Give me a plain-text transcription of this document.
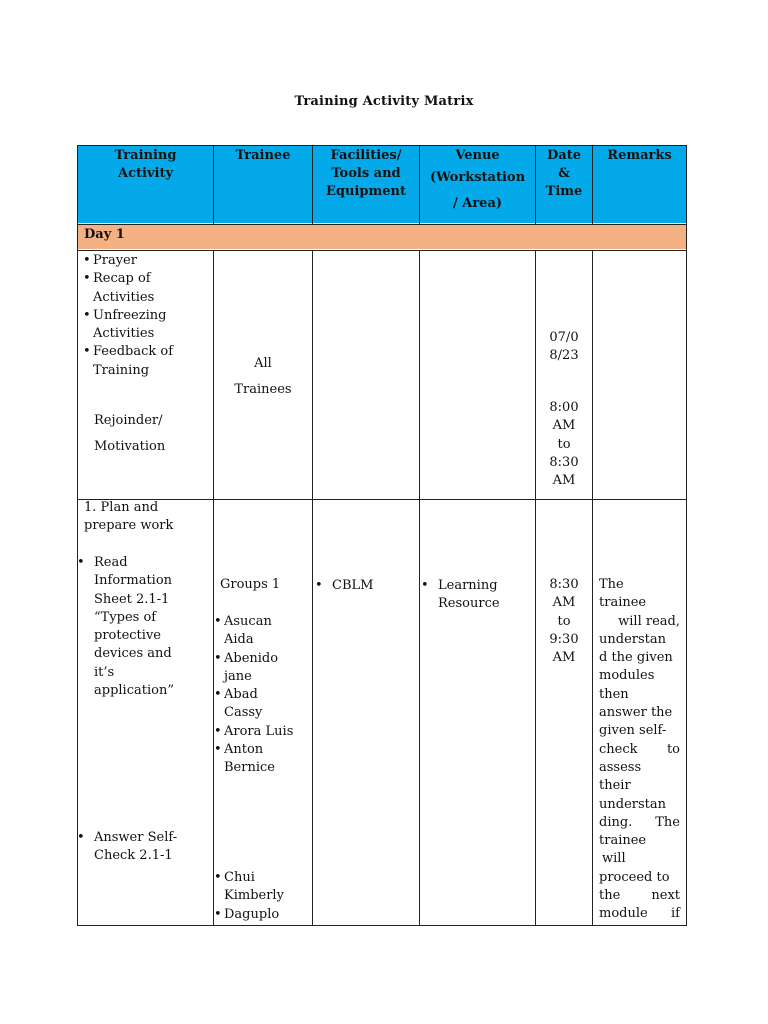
Training Activity Matrix
Training
Activity
Trainee	Facilities/
Tools and
Equipment
Venue
(Workstation
/ Area)
Date
&
Time
Remarks
Day 1
• Prayer
• Recap of Activities
• Unfreezing Activities
• Feedback of Training
Rejoinder/
Motivation
All
Trainees
07/0
8/23
8:00
AM
to
8:30
AM
1. Plan and
prepare work
• Read
Information
Sheet 2.1-1
“Types of
protective
devices and
it’s
application”
• Answer Self-
Check 2.1-1
Groups 1
• Asucan
Aida
• Abenido
jane
• Abad
Cassy
• Arora Luis
• Anton
Bernice
• Chui
Kimberly
• Daguplo
• CBLM	• Learning
Resource
8:30
AM
to
9:30
AM
The
trainee
will read,
understan
d the given
modules
then
answer the
given self-
check to
assess
their
understan
ding. The
trainee
will
proceed to
the next
module if
